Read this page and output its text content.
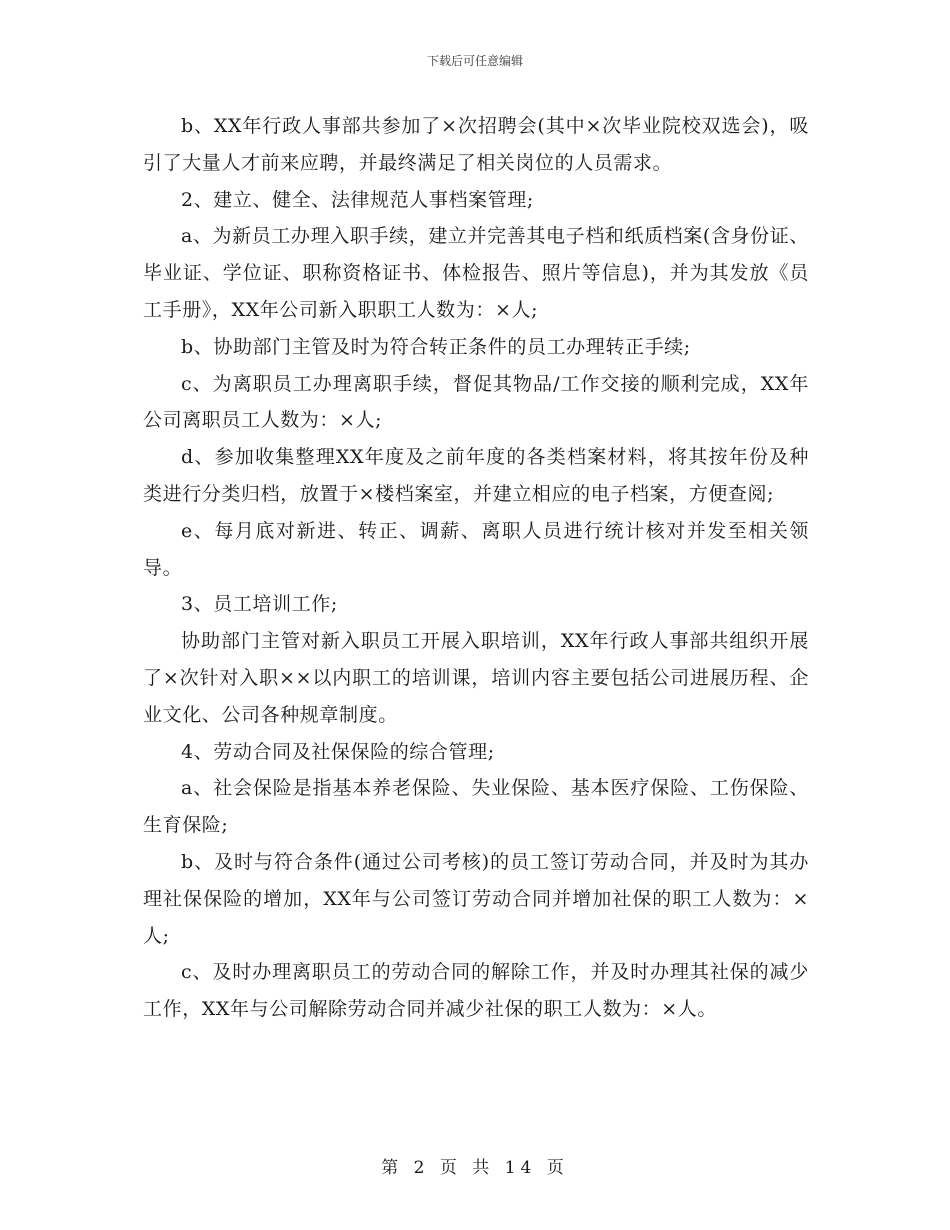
下载后可任意编辑

b、XX年行政人事部共参加了×次招聘会(其中×次毕业院校双选会)，吸引了大量人才前来应聘，并最终满足了相关岗位的人员需求。

2、建立、健全、法律规范人事档案管理;

a、为新员工办理入职手续，建立并完善其电子档和纸质档案(含身份证、毕业证、学位证、职称资格证书、体检报告、照片等信息)，并为其发放《员工手册》，XX年公司新入职职工人数为：×人;

b、协助部门主管及时为符合转正条件的员工办理转正手续;

c、为离职员工办理离职手续，督促其物品/工作交接的顺利完成，XX年公司离职员工人数为：×人;

d、参加收集整理XX年度及之前年度的各类档案材料，将其按年份及种类进行分类归档，放置于×楼档案室，并建立相应的电子档案，方便查阅;

e、每月底对新进、转正、调薪、离职人员进行统计核对并发至相关领导。

3、员工培训工作;

协助部门主管对新入职员工开展入职培训，XX年行政人事部共组织开展了×次针对入职××以内职工的培训课，培训内容主要包括公司进展历程、企业文化、公司各种规章制度。

4、劳动合同及社保保险的综合管理;

a、社会保险是指基本养老保险、失业保险、基本医疗保险、工伤保险、生育保险;

b、及时与符合条件(通过公司考核)的员工签订劳动合同，并及时为其办理社保保险的增加，XX年与公司签订劳动合同并增加社保的职工人数为：×人;

c、及时办理离职员工的劳动合同的解除工作，并及时办理其社保的减少工作，XX年与公司解除劳动合同并减少社保的职工人数为：×人。

第 2 页 共 14 页
